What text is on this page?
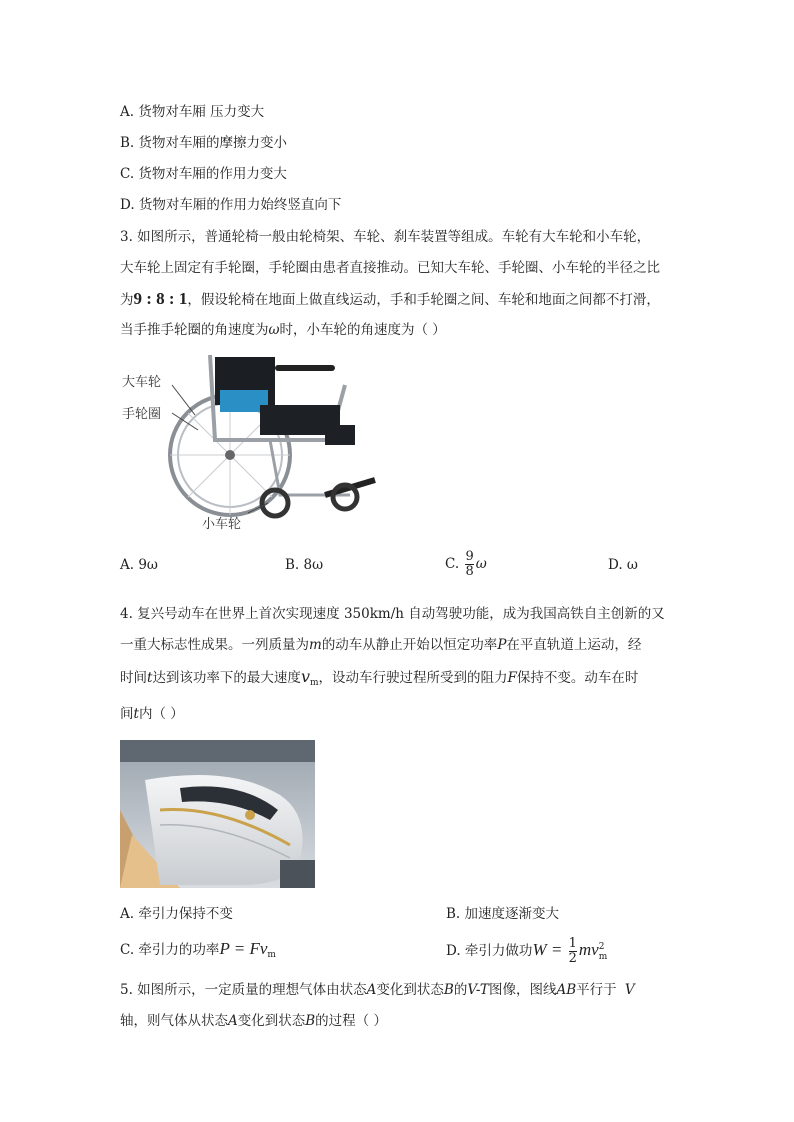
A. 货物对车厢 压力变大
B. 货物对车厢的摩擦力变小
C. 货物对车厢的作用力变大
D. 货物对车厢的作用力始终竖直向下
3. 如图所示，普通轮椅一般由轮椅架、车轮、刹车装置等组成。车轮有大车轮和小车轮，
大车轮上固定有手轮圈，手轮圈由患者直接推动。已知大车轮、手轮圈、小车轮的半径之比
为9 : 8 : 1，假设轮椅在地面上做直线运动，手和手轮圈之间、车轮和地面之间都不打滑，
当手推手轮圈的角速度为ω时，小车轮的角速度为（ ）
大车轮
手轮圈
小车轮
A. 9ω	B. 8ω	C. $\frac{9}{8}$ ω	D. ω
4. 复兴号动车在世界上首次实现速度 350km/h 自动驾驶功能，成为我国高铁自主创新的又
一重大标志性成果。一列质量为m的动车从静止开始以恒定功率P在平直轨道上运动，经
时间t达到该功率下的最大速度$v_m$，设动车行驶过程所受到的阻力F保持不变。动车在时
间t内（ ）
A. 牵引力保持不变	B. 加速度逐渐变大
C. 牵引力的功率$P = Fv_m$	D. 牵引力做功$W = \frac{1}{2}$ mv 2
m
5. 如图所示，一定质量的理想气体由状态A变化到状态B的V-T图像，图线AB平行于 V
轴，则气体从状态A变化到状态B的过程（ ）
